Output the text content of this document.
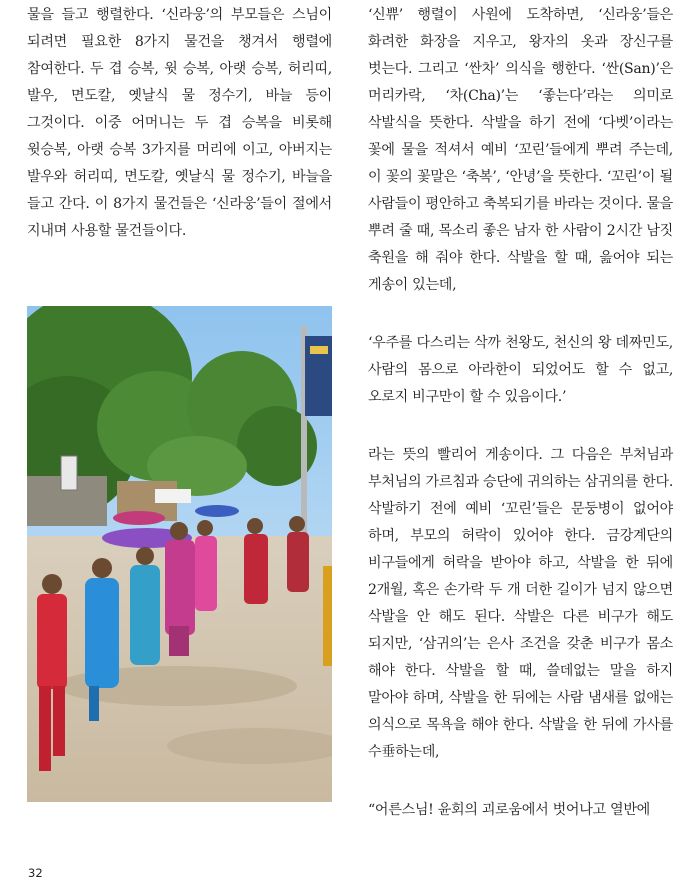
물을 들고 행렬한다. ‘신라웅’의 부모들은 스님이 되려면 필요한 8가지 물건을 챙겨서 행렬에 참여한다. 두 겹 승복, 윗 승복, 아랫 승복, 허리띠, 발우, 면도칼, 옛날식 물 정수기, 바늘 등이 그것이다. 이중 어머니는 두 겹 승복을 비롯해 윗승복, 아랫 승복 3가지를 머리에 이고, 아버지는 발우와 허리띠, 면도칼, 옛날식 물 정수기, 바늘을 들고 간다. 이 8가지 물건들은 ‘신라웅’들이 절에서 지내며 사용할 물건들이다.

‘신쀼’ 행렬이 사원에 도착하면, ‘신라웅’들은 화려한 화장을 지우고, 왕자의 옷과 장신구를 벗는다. 그리고 ‘싼차’ 의식을 행한다. ‘싼(San)’은 머리카락, ‘차(Cha)’는 ‘좋는다’라는 의미로 삭발식을 뜻한다. 삭발을 하기 전에 ‘다벳’이라는 꽃에 물을 적셔서 예비 ‘꼬린’들에게 뿌려 주는데, 이 꽃의 꽃말은 ‘축복’, ‘안녕’을 뜻한다. ‘꼬린’이 될 사람들이 평안하고 축복되기를 바라는 것이다. 물을 뿌려 줄 때, 목소리 좋은 남자 한 사람이 2시간 남짓 축원을 해 줘야 한다. 삭발을 할 때, 읊어야 되는 게송이 있는데,

‘우주를 다스리는 삭까 천왕도, 천신의 왕 데짜민도, 사람의 몸으로 아라한이 되었어도 할 수 없고, 오로지 비구만이 할 수 있음이다.’

라는 뜻의 빨리어 게송이다. 그 다음은 부처님과 부처님의 가르침과 승단에 귀의하는 삼귀의를 한다. 삭발하기 전에 예비 ‘꼬린’들은 문둥병이 없어야 하며, 부모의 허락이 있어야 한다. 금강계단의 비구들에게 허락을 받아야 하고, 삭발을 한 뒤에 2개월, 혹은 손가락 두 개 더한 길이가 넘지 않으면 삭발을 안 해도 된다. 삭발은 다른 비구가 해도 되지만, ‘삼귀의’는 은사 조건을 갖춘 비구가 몸소 해야 한다. 삭발을 할 때, 쓸데없는 말을 하지 말아야 하며, 삭발을 한 뒤에는 사람 냄새를 없애는 의식으로 목욕을 해야 한다. 삭발을 한 뒤에 가사를 수垂하는데,

“어른스님! 윤회의 괴로움에서 벗어나고 열반에

32
